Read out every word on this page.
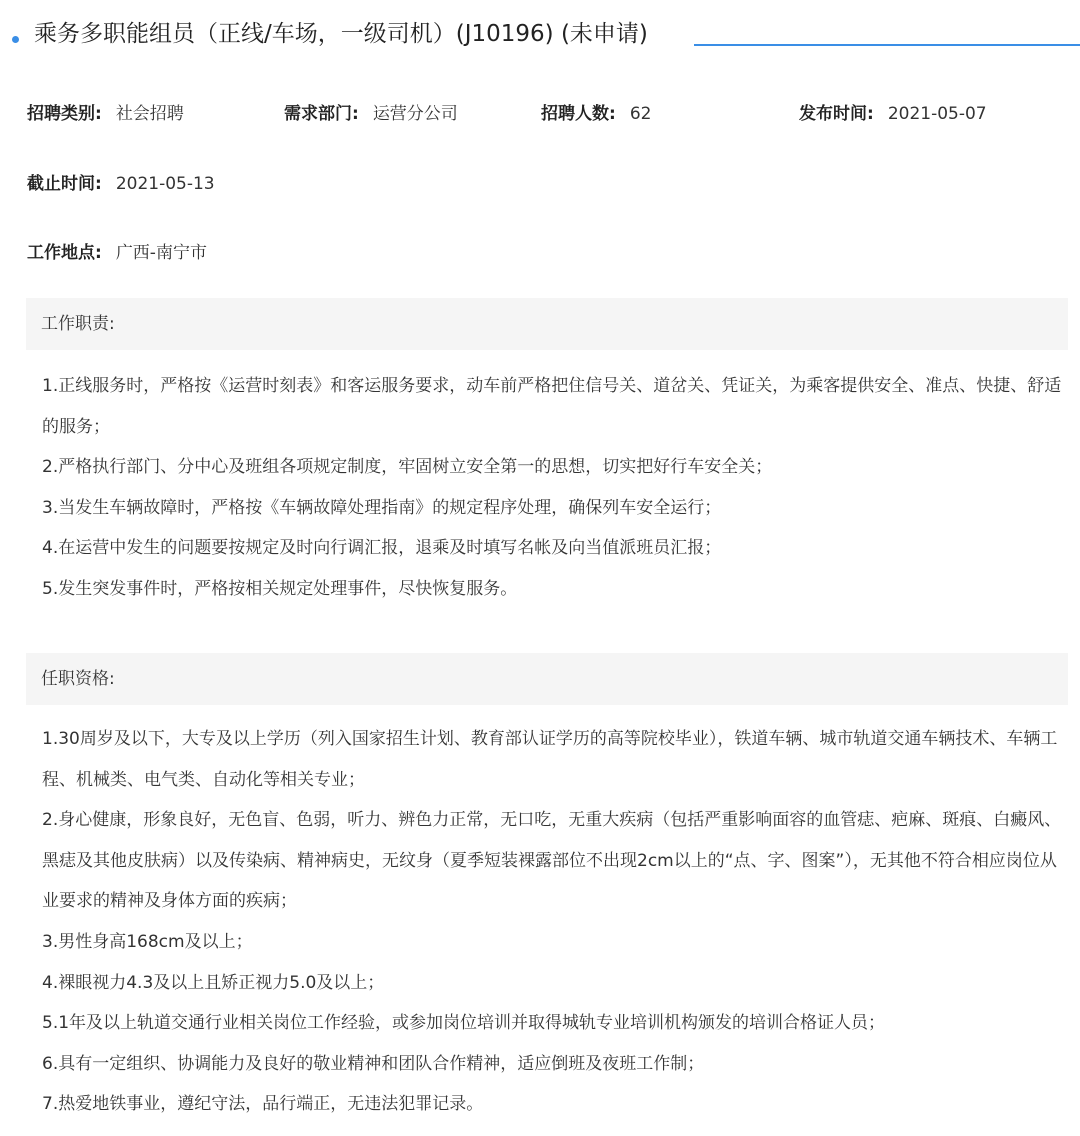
乘务多职能组员（正线/车场，一级司机）(J10196) (未申请)
招聘类别: 社会招聘	需求部门: 运营分公司	招聘人数: 62	发布时间: 2021-05-07
截止时间: 2021-05-13
工作地点: 广西-南宁市
工作职责:
1.正线服务时，严格按《运营时刻表》和客运服务要求，动车前严格把住信号关、道岔关、凭证关，为乘客提供安全、准点、快捷、舒适的服务；
2.严格执行部门、分中心及班组各项规定制度，牢固树立安全第一的思想，切实把好行车安全关；
3.当发生车辆故障时，严格按《车辆故障处理指南》的规定程序处理，确保列车安全运行；
4.在运营中发生的问题要按规定及时向行调汇报，退乘及时填写名帐及向当值派班员汇报；
5.发生突发事件时，严格按相关规定处理事件，尽快恢复服务。
任职资格:
1.30周岁及以下，大专及以上学历（列入国家招生计划、教育部认证学历的高等院校毕业），铁道车辆、城市轨道交通车辆技术、车辆工程、机械类、电气类、自动化等相关专业；
2.身心健康，形象良好，无色盲、色弱，听力、辨色力正常，无口吃，无重大疾病（包括严重影响面容的血管痣、疤麻、斑痕、白癜风、黑痣及其他皮肤病）以及传染病、精神病史，无纹身（夏季短装裸露部位不出现2cm以上的“点、字、图案”），无其他不符合相应岗位从业要求的精神及身体方面的疾病；
3.男性身高168cm及以上；
4.裸眼视力4.3及以上且矫正视力5.0及以上；
5.1年及以上轨道交通行业相关岗位工作经验，或参加岗位培训并取得城轨专业培训机构颁发的培训合格证人员；
6.具有一定组织、协调能力及良好的敬业精神和团队合作精神，适应倒班及夜班工作制；
7.热爱地铁事业，遵纪守法，品行端正，无违法犯罪记录。
